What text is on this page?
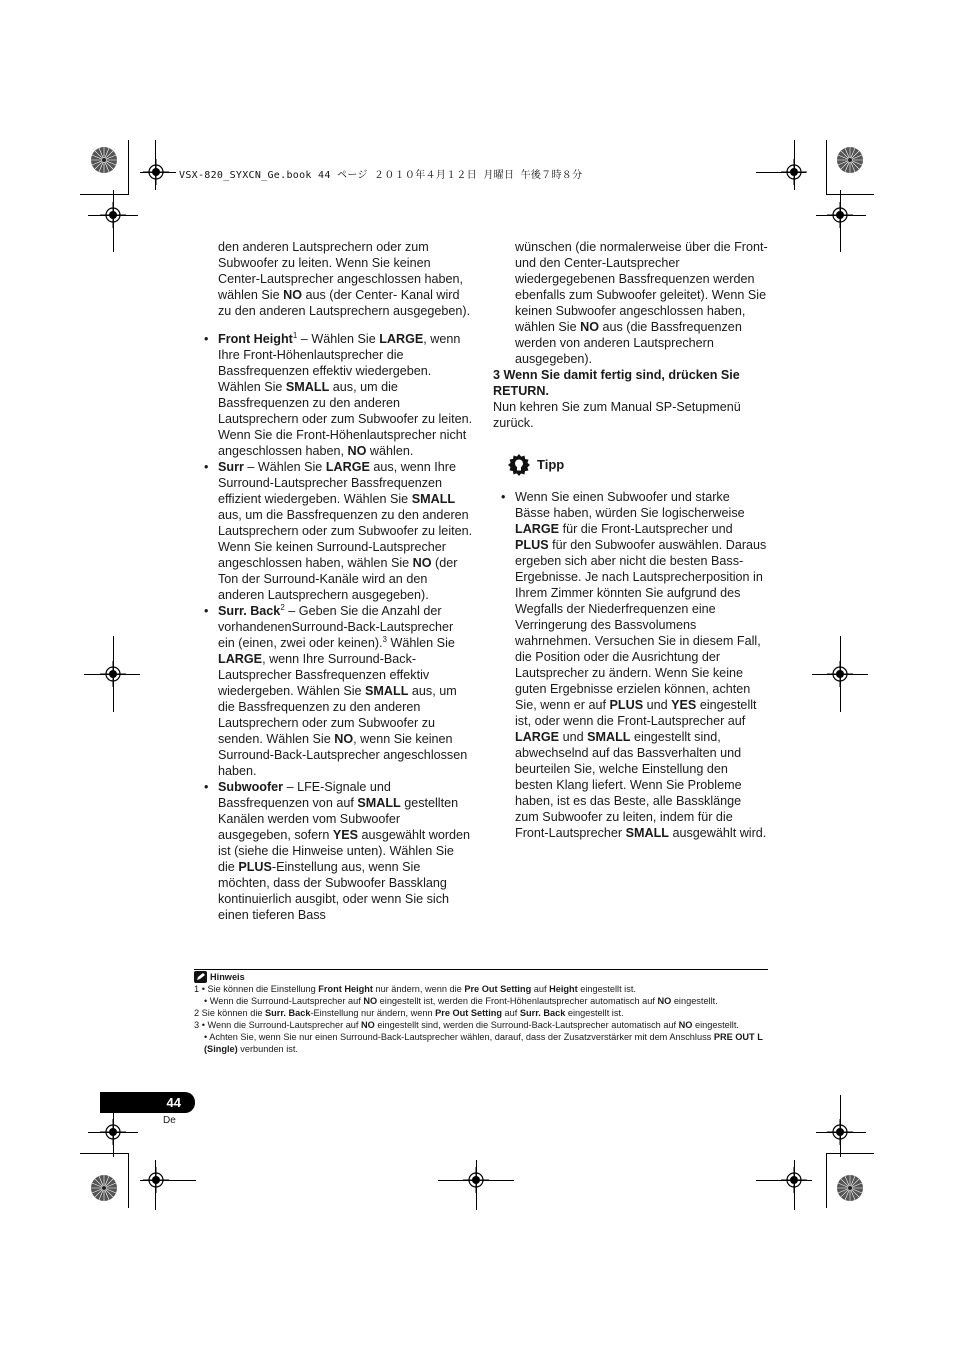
VSX-820_SYXCN_Ge.book 44 ページ ２０１０年４月１２日 月曜日 午後７時８分

den anderen Lautsprechern oder zum Subwoofer zu leiten. Wenn Sie keinen Center-Lautsprecher angeschlossen haben, wählen Sie NO aus (der Center- Kanal wird zu den anderen Lautsprechern ausgegeben).

• Front Height$^1$ – Wählen Sie LARGE, wenn Ihre Front-Höhenlautsprecher die Bassfrequenzen effektiv wiedergeben. Wählen Sie SMALL aus, um die Bassfrequenzen zu den anderen Lautsprechern oder zum Subwoofer zu leiten. Wenn Sie die Front-Höhenlautsprecher nicht angeschlossen haben, NO wählen.

• Surr – Wählen Sie LARGE aus, wenn Ihre Surround-Lautsprecher Bassfrequenzen effizient wiedergeben. Wählen Sie SMALL aus, um die Bassfrequenzen zu den anderen Lautsprechern oder zum Subwoofer zu leiten. Wenn Sie keinen Surround-Lautsprecher angeschlossen haben, wählen Sie NO (der Ton der Surround-Kanäle wird an den anderen Lautsprechern ausgegeben).

• Surr. Back$^2$ – Geben Sie die Anzahl der vorhandenenSurround-Back-Lautsprecher ein (einen, zwei oder keinen).$^3$ Wählen Sie LARGE, wenn Ihre Surround-Back-Lautsprecher Bassfrequenzen effektiv wiedergeben. Wählen Sie SMALL aus, um die Bassfrequenzen zu den anderen Lautsprechern oder zum Subwoofer zu senden. Wählen Sie NO, wenn Sie keinen Surround-Back-Lautsprecher angeschlossen haben.

• Subwoofer – LFE-Signale und Bassfrequenzen von auf SMALL gestellten Kanälen werden vom Subwoofer ausgegeben, sofern YES ausgewählt worden ist (siehe die Hinweise unten). Wählen Sie die PLUS-Einstellung aus, wenn Sie möchten, dass der Subwoofer Bassklang kontinuierlich ausgibt, oder wenn Sie sich einen tieferen Bass

wünschen (die normalerweise über die Front- und den Center-Lautsprecher wiedergegebenen Bassfrequenzen werden ebenfalls zum Subwoofer geleitet). Wenn Sie keinen Subwoofer angeschlossen haben, wählen Sie NO aus (die Bassfrequenzen werden von anderen Lautsprechern ausgegeben).

3 Wenn Sie damit fertig sind, drücken Sie RETURN.

Nun kehren Sie zum Manual SP-Setupmenü zurück.

Tipp

• Wenn Sie einen Subwoofer und starke Bässe haben, würden Sie logischerweise LARGE für die Front-Lautsprecher und PLUS für den Subwoofer auswählen. Daraus ergeben sich aber nicht die besten Bass-Ergebnisse. Je nach Lautsprecherposition in Ihrem Zimmer könnten Sie aufgrund des Wegfalls der Niederfrequenzen eine Verringerung des Bassvolumens wahrnehmen. Versuchen Sie in diesem Fall, die Position oder die Ausrichtung der Lautsprecher zu ändern. Wenn Sie keine guten Ergebnisse erzielen können, achten Sie, wenn er auf PLUS und YES eingestellt ist, oder wenn die Front-Lautsprecher auf LARGE und SMALL eingestellt sind, abwechselnd auf das Bassverhalten und beurteilen Sie, welche Einstellung den besten Klang liefert. Wenn Sie Probleme haben, ist es das Beste, alle Bassklänge zum Subwoofer zu leiten, indem für die Front-Lautsprecher SMALL ausgewählt wird.

Hinweis

1 • Sie können die Einstellung Front Height nur ändern, wenn die Pre Out Setting auf Height eingestellt ist.

• Wenn die Surround-Lautsprecher auf NO eingestellt ist, werden die Front-Höhenlautsprecher automatisch auf NO eingestellt.

2 Sie können die Surr. Back-Einstellung nur ändern, wenn Pre Out Setting auf Surr. Back eingestellt ist.

3 • Wenn die Surround-Lautsprecher auf NO eingestellt sind, werden die Surround-Back-Lautsprecher automatisch auf NO eingestellt.

• Achten Sie, wenn Sie nur einen Surround-Back-Lautsprecher wählen, darauf, dass der Zusatzverstärker mit dem Anschluss PRE OUT L (Single) verbunden ist.

44
De
